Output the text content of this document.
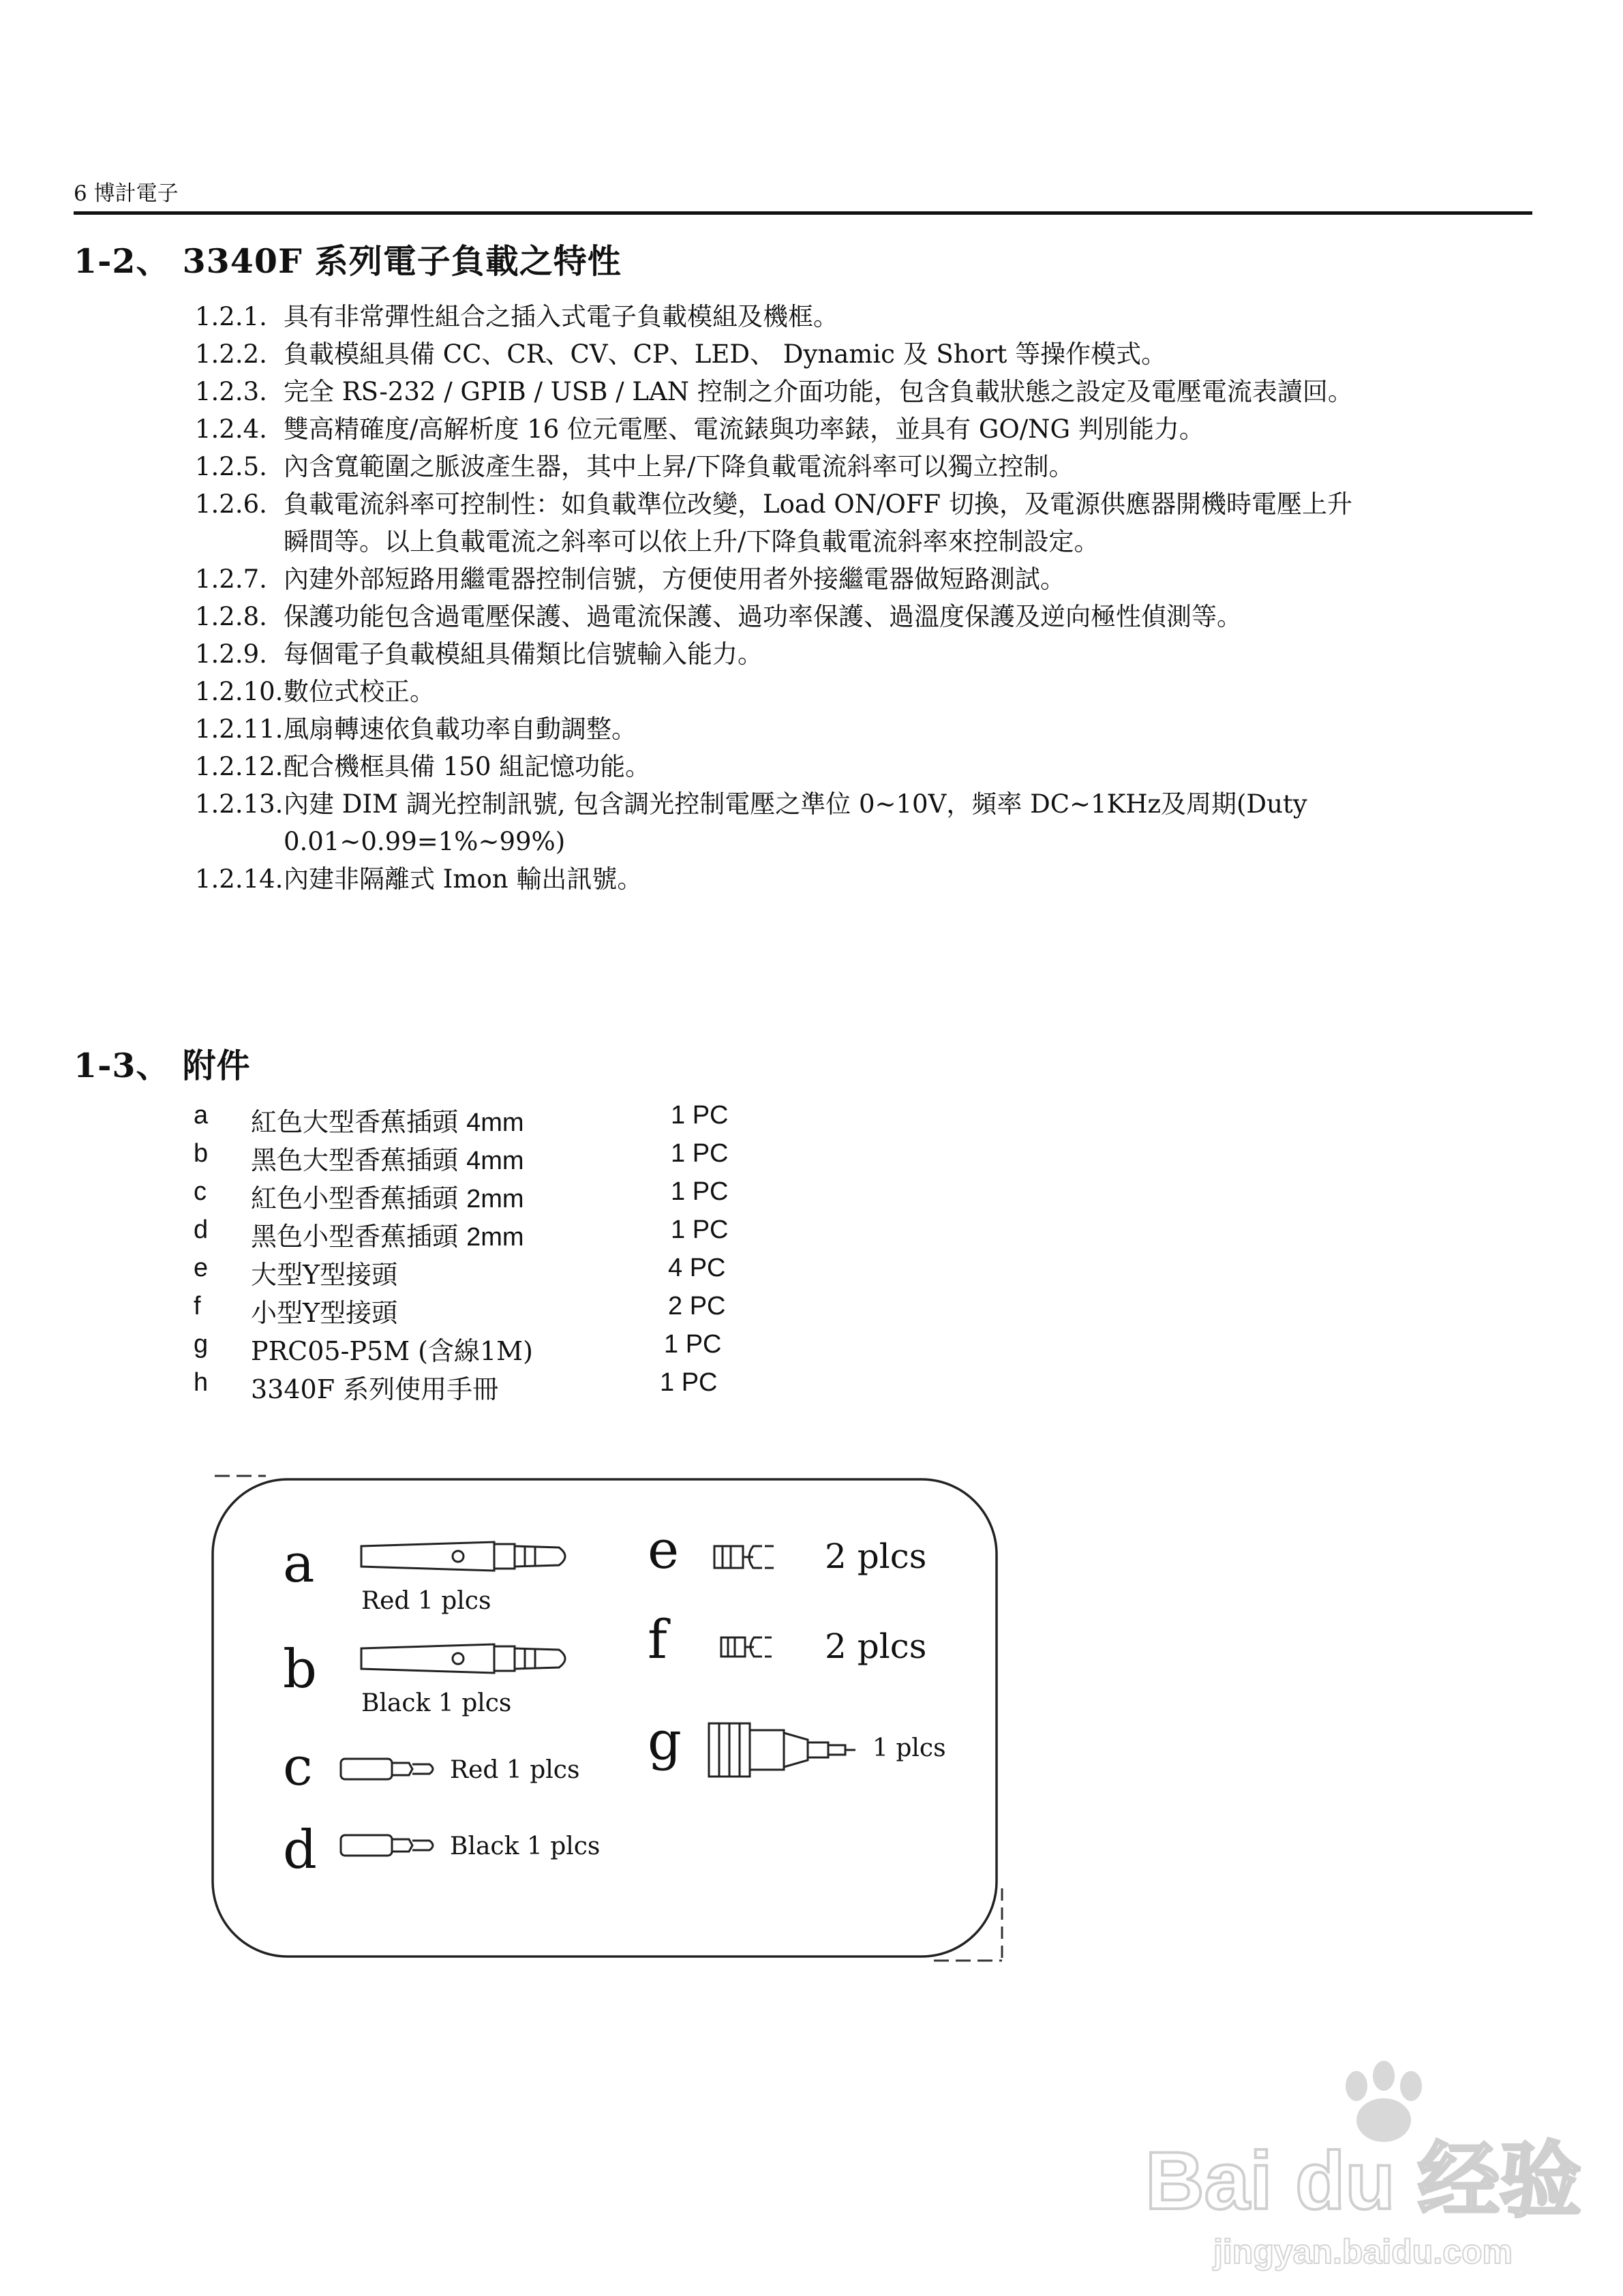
6 博計電子
1-2、 3340F 系列電子負載之特性
1.2.1. 具有非常彈性組合之插入式電子負載模組及機框。
1.2.2. 負載模組具備 CC、CR、CV、CP、LED、 Dynamic 及 Short 等操作模式。
1.2.3. 完全 RS-232 / GPIB / USB / LAN 控制之介面功能，包含負載狀態之設定及電壓電流表讀回。
1.2.4. 雙高精確度/高解析度 16 位元電壓、電流錶與功率錶，並具有 GO/NG 判別能力。
1.2.5. 內含寬範圍之脈波產生器，其中上昇/下降負載電流斜率可以獨立控制。
1.2.6. 負載電流斜率可控制性：如負載準位改變，Load ON/OFF 切換，及電源供應器開機時電壓上升
瞬間等。以上負載電流之斜率可以依上升/下降負載電流斜率來控制設定。
1.2.7. 內建外部短路用繼電器控制信號，方便使用者外接繼電器做短路測試。
1.2.8. 保護功能包含過電壓保護、過電流保護、過功率保護、過溫度保護及逆向極性偵測等。
1.2.9. 每個電子負載模組具備類比信號輸入能力。
1.2.10.數位式校正。
1.2.11.風扇轉速依負載功率自動調整。
1.2.12.配合機框具備 150 組記憶功能。
1.2.13.內建 DIM 調光控制訊號, 包含調光控制電壓之準位 0~10V，頻率 DC~1KHz及周期(Duty
0.01~0.99=1%~99%)
1.2.14.內建非隔離式 Imon 輸出訊號。
1-3、 附件
a 紅色大型香蕉插頭 4mm	1 PC
b 黑色大型香蕉插頭 4mm	1 PC
c 紅色小型香蕉插頭 2mm	1 PC
d 黑色小型香蕉插頭 2mm	1 PC
e 大型Y型接頭	4 PC
f 小型Y型接頭	2 PC
g PRC05-P5M (含線1M)	1 PC
h 3340F 系列使用手冊	1 PC
a
Red 1 plcs
b
Black 1 plcs
c	Red 1 plcs
d	Black 1 plcs
e	2 plcs
f	2 plcs
g	1 plcs
Bai du 经验
jingyan.baidu.com
